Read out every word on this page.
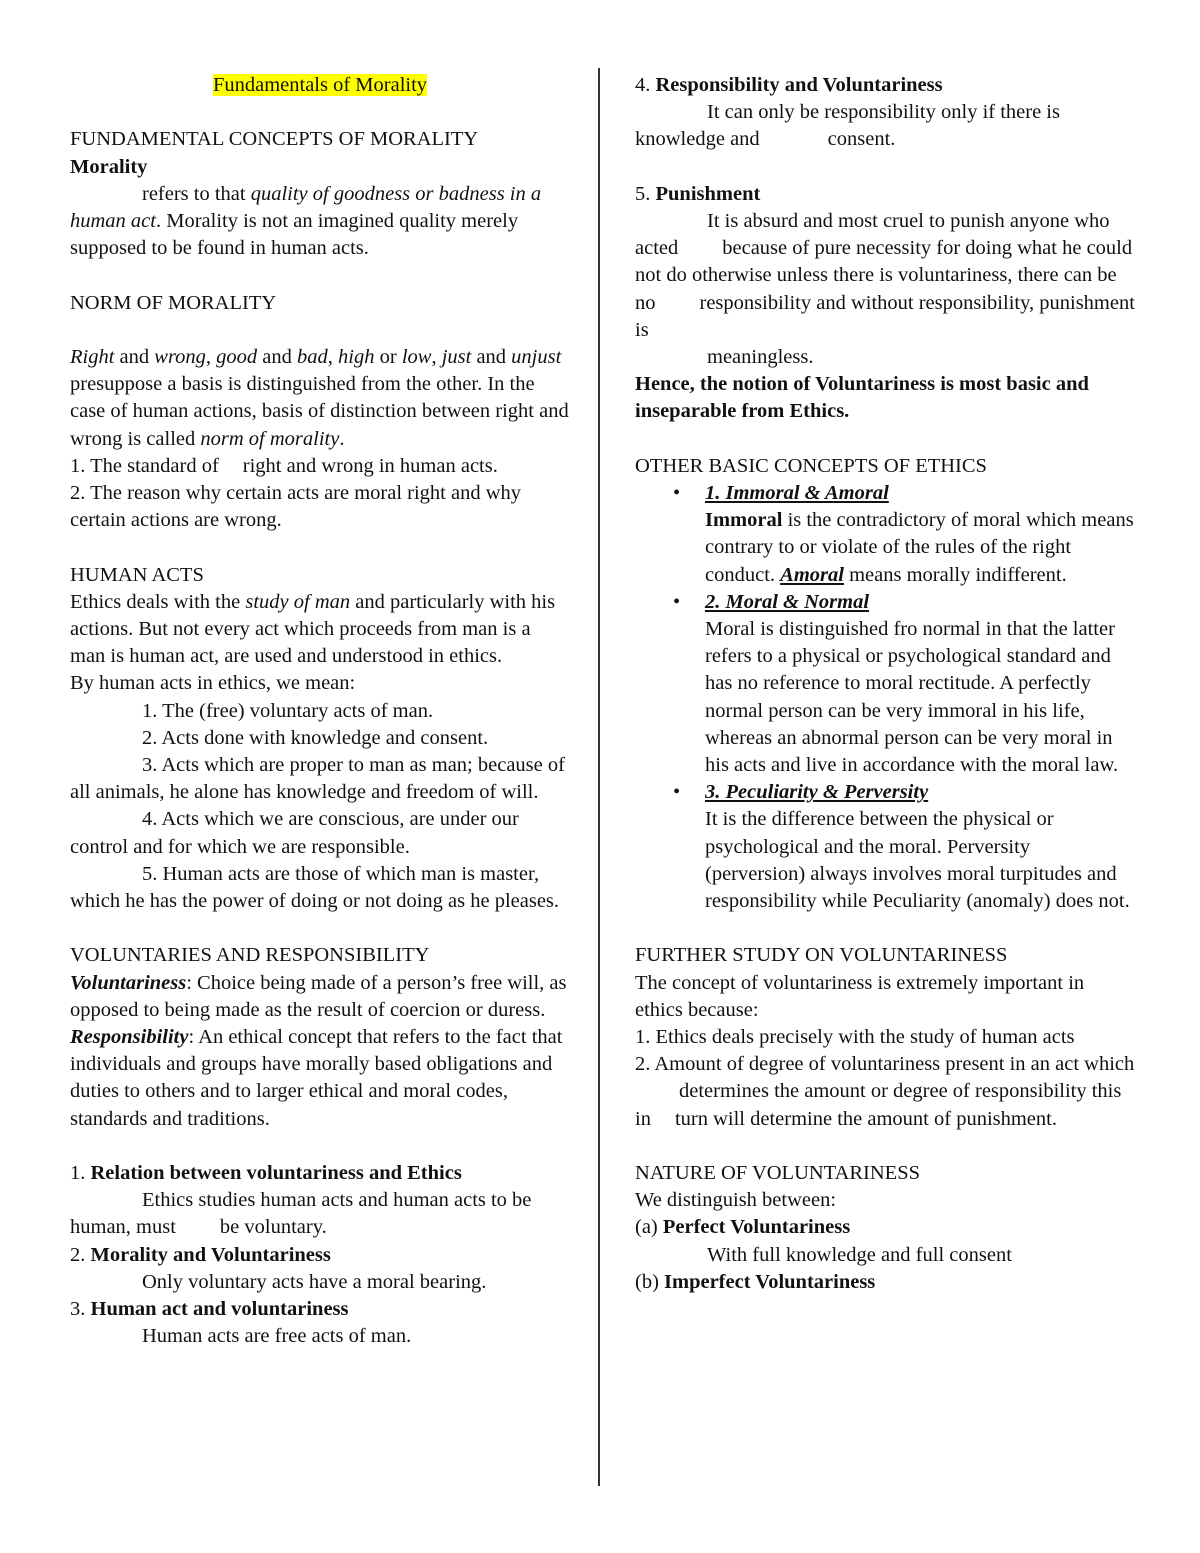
Fundamentals of Morality
FUNDAMENTAL CONCEPTS OF MORALITY
Morality
refers to that quality of goodness or badness in a human act. Morality is not an imagined quality merely supposed to be found in human acts.
NORM OF MORALITY
Right and wrong, good and bad, high or low, just and unjust presuppose a basis is distinguished from the other. In the case of human actions, basis of distinction between right and wrong is called norm of morality.
1. The standard of right and wrong in human acts.
2. The reason why certain acts are moral right and why certain actions are wrong.
HUMAN ACTS
Ethics deals with the study of man and particularly with his actions. But not every act which proceeds from man is a man is human act, are used and understood in ethics.
By human acts in ethics, we mean:
1. The (free) voluntary acts of man.
2. Acts done with knowledge and consent.
3. Acts which are proper to man as man; because of all animals, he alone has knowledge and freedom of will.
4. Acts which we are conscious, are under our control and for which we are responsible.
5. Human acts are those of which man is master, which he has the power of doing or not doing as he pleases.
VOLUNTARIES AND RESPONSIBILITY
Voluntariness: Choice being made of a person’s free will, as opposed to being made as the result of coercion or duress.
Responsibility: An ethical concept that refers to the fact that individuals and groups have morally based obligations and duties to others and to larger ethical and moral codes, standards and traditions.
1. Relation between voluntariness and Ethics
Ethics studies human acts and human acts to be human, must be voluntary.
2. Morality and Voluntariness
Only voluntary acts have a moral bearing.
3. Human act and voluntariness
Human acts are free acts of man.
4. Responsibility and Voluntariness
It can only be responsibility only if there is knowledge and	consent.
5. Punishment
It is absurd and most cruel to punish anyone who acted because of pure necessity for doing what he could not do otherwise unless there is voluntariness, there can be no responsibility and without responsibility, punishment is
meaningless.
Hence, the notion of Voluntariness is most basic and inseparable from Ethics.
OTHER BASIC CONCEPTS OF ETHICS
• 1. Immoral & Amoral
Immoral is the contradictory of moral which means contrary to or violate of the rules of the right conduct. Amoral means morally indifferent.
• 2. Moral & Normal
Moral is distinguished fro normal in that the latter refers to a physical or psychological standard and has no reference to moral rectitude. A perfectly normal person can be very immoral in his life, whereas an abnormal person can be very moral in his acts and live in accordance with the moral law.
• 3. Peculiarity & Perversity
It is the difference between the physical or psychological and the moral. Perversity (perversion) always involves moral turpitudes and responsibility while Peculiarity (anomaly) does not.
FURTHER STUDY ON VOLUNTARINESS
The concept of voluntariness is extremely important in ethics because:
1. Ethics deals precisely with the study of human acts
2. Amount of degree of voluntariness present in an act whichdetermines the amount or degree of responsibility this in turn will determine the amount of punishment.
NATURE OF VOLUNTARINESS
We distinguish between:
(a) Perfect Voluntariness
With full knowledge and full consent
(b) Imperfect Voluntariness
